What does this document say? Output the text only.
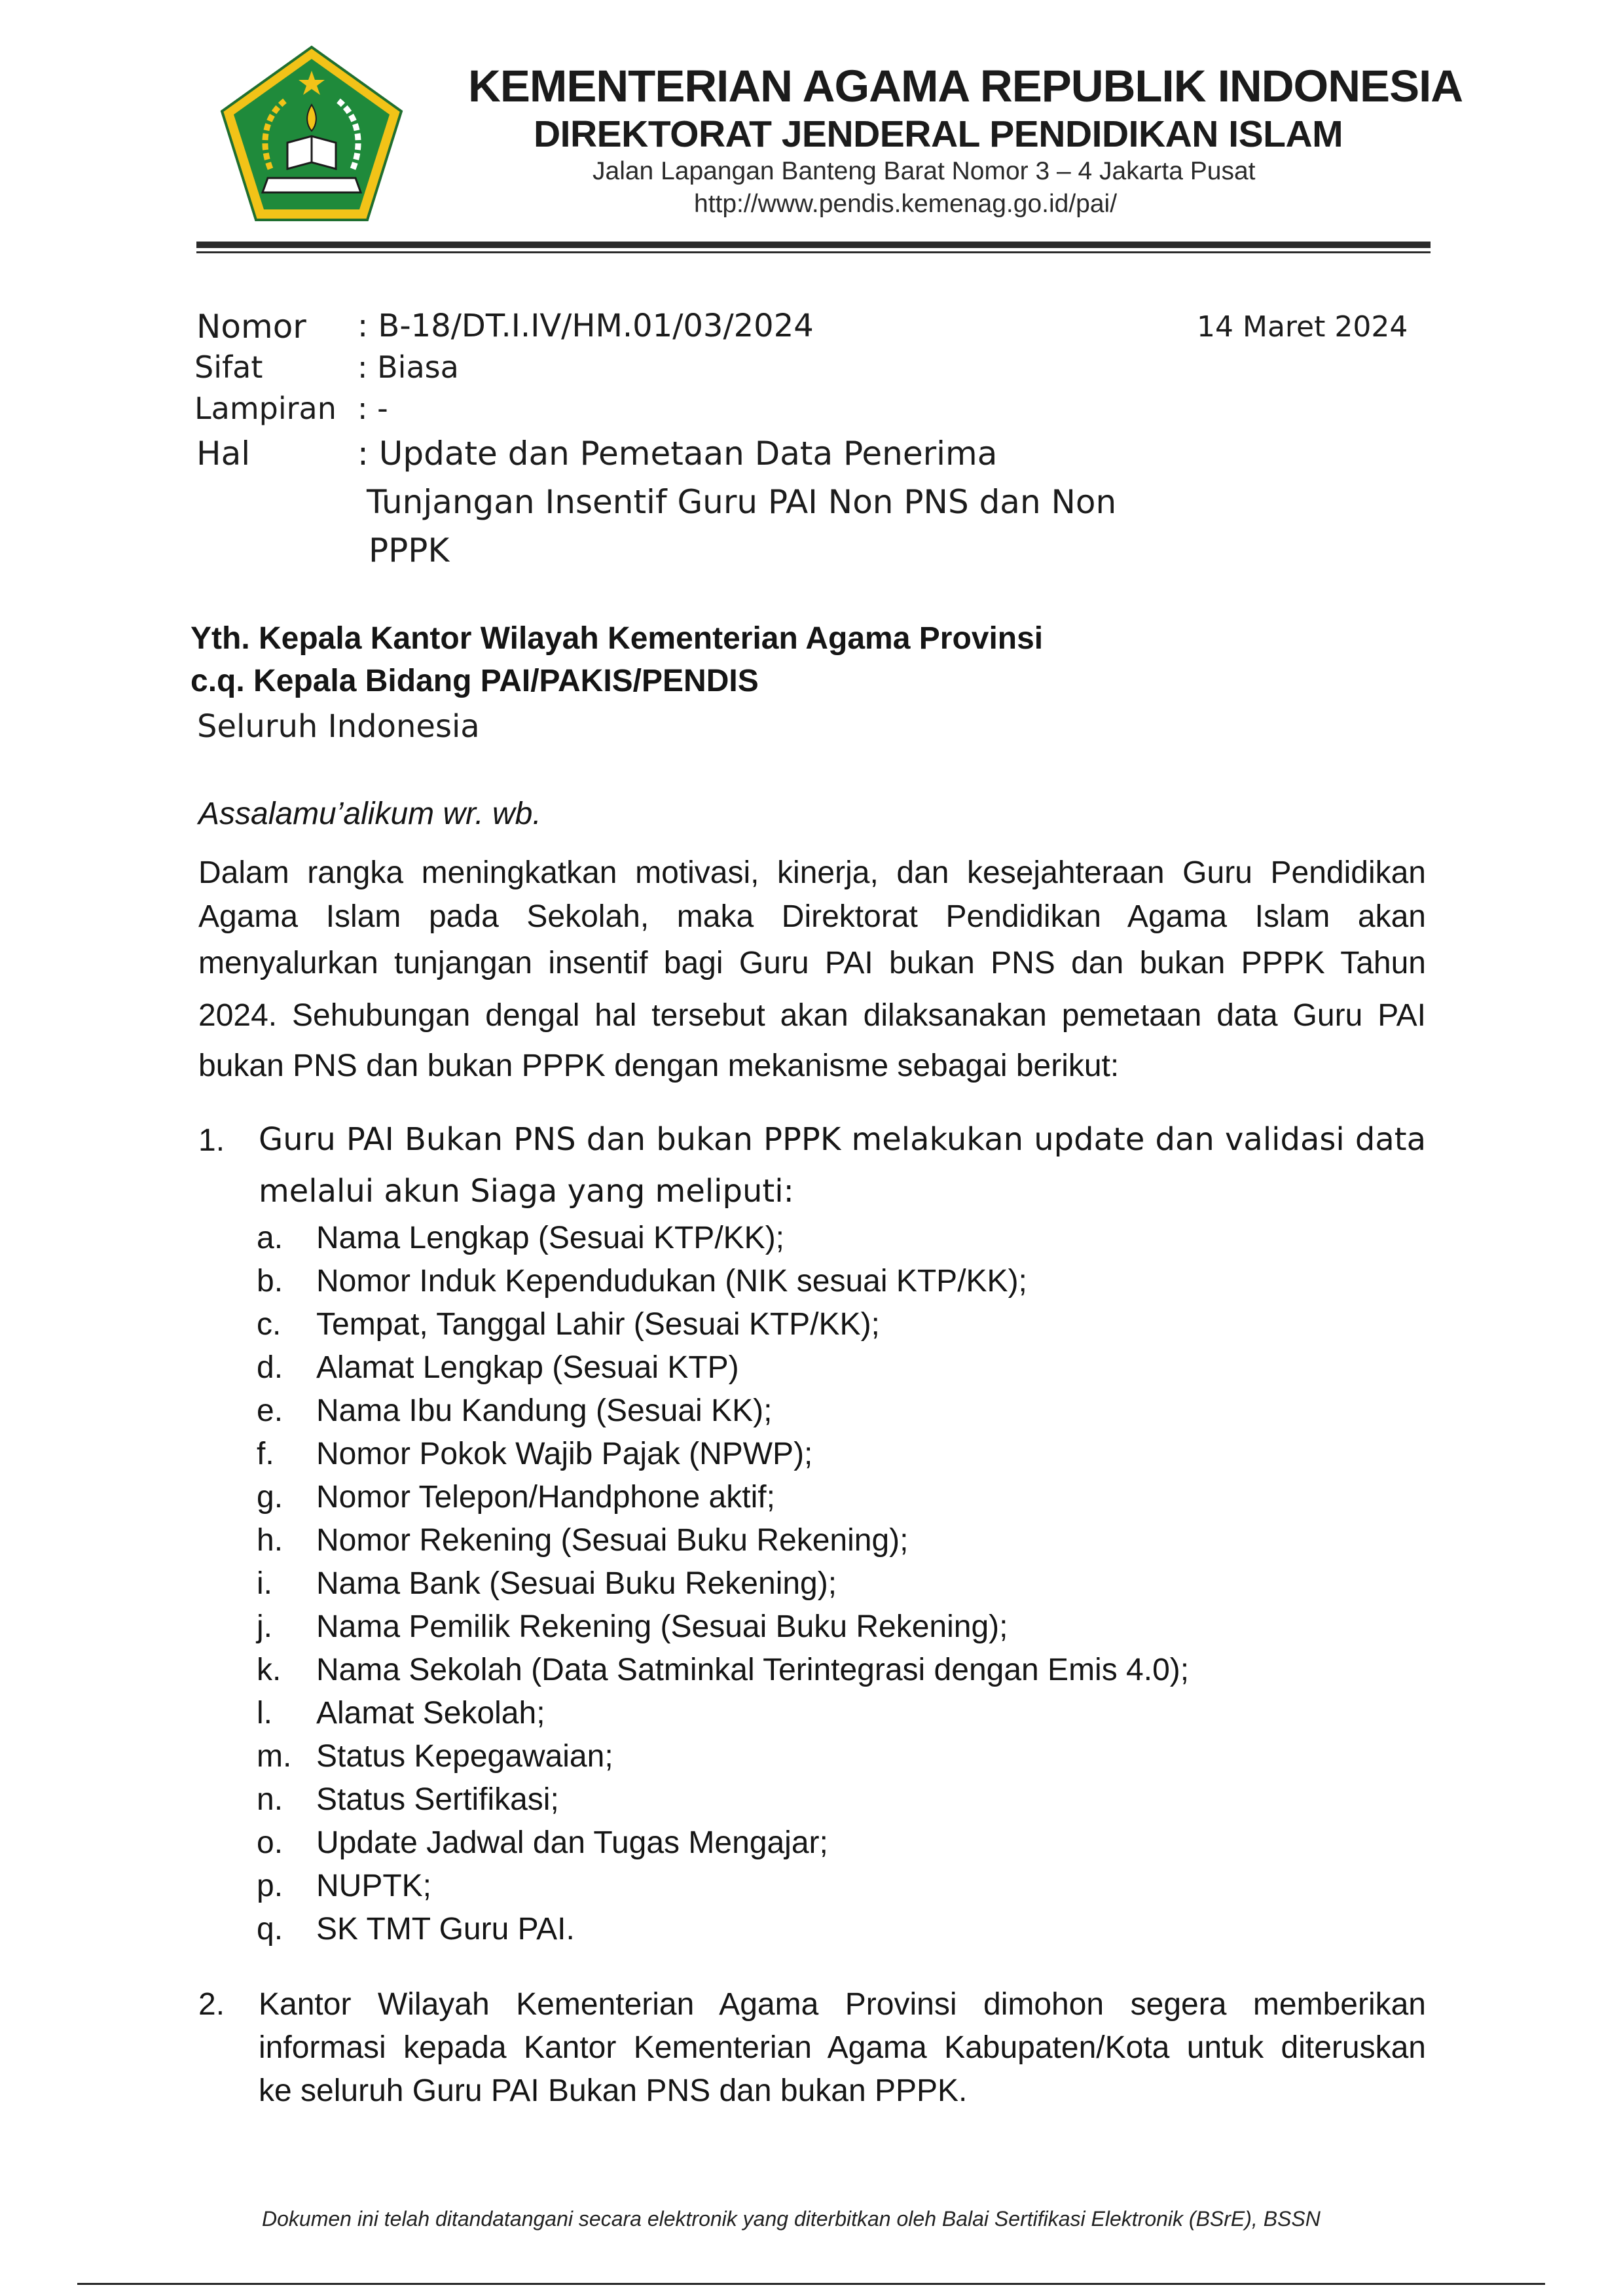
KEMENTERIAN AGAMA REPUBLIK INDONESIA
DIREKTORAT JENDERAL PENDIDIKAN ISLAM
Jalan Lapangan Banteng Barat Nomor 3 – 4 Jakarta Pusat
http://www.pendis.kemenag.go.id/pai/
Nomor : B-18/DT.I.IV/HM.01/03/2024	14 Maret 2024
Sifat	: Biasa
Lampiran : -
Hal	: Update dan Pemetaan Data Penerima
Tunjangan Insentif Guru PAI Non PNS dan Non
PPPK
Yth. Kepala Kantor Wilayah Kementerian Agama Provinsi
c.q. Kepala Bidang PAI/PAKIS/PENDIS
Seluruh Indonesia
Assalamu’alikum wr. wb.
Dalam rangka meningkatkan motivasi, kinerja, dan kesejahteraan Guru Pendidikan
Agama Islam pada Sekolah, maka Direktorat Pendidikan Agama Islam akan
menyalurkan tunjangan insentif bagi Guru PAI bukan PNS dan bukan PPPK Tahun
2024. Sehubungan dengal hal tersebut akan dilaksanakan pemetaan data Guru PAI
bukan PNS dan bukan PPPK dengan mekanisme sebagai berikut:
1. Guru PAI Bukan PNS dan bukan PPPK melakukan update dan validasi data
melalui akun Siaga yang meliputi:
a. Nama Lengkap (Sesuai KTP/KK);
b. Nomor Induk Kependudukan (NIK sesuai KTP/KK);
c. Tempat, Tanggal Lahir (Sesuai KTP/KK);
d. Alamat Lengkap (Sesuai KTP)
e. Nama Ibu Kandung (Sesuai KK);
f. Nomor Pokok Wajib Pajak (NPWP);
g. Nomor Telepon/Handphone aktif;
h. Nomor Rekening (Sesuai Buku Rekening);
i. Nama Bank (Sesuai Buku Rekening);
j. Nama Pemilik Rekening (Sesuai Buku Rekening);
k. Nama Sekolah (Data Satminkal Terintegrasi dengan Emis 4.0);
l. Alamat Sekolah;
m. Status Kepegawaian;
n. Status Sertifikasi;
o. Update Jadwal dan Tugas Mengajar;
p. NUPTK;
q. SK TMT Guru PAI.
2. Kantor Wilayah Kementerian Agama Provinsi dimohon segera memberikan
informasi kepada Kantor Kementerian Agama Kabupaten/Kota untuk diteruskan
ke seluruh Guru PAI Bukan PNS dan bukan PPPK.
Dokumen ini telah ditandatangani secara elektronik yang diterbitkan oleh Balai Sertifikasi Elektronik (BSrE), BSSN
